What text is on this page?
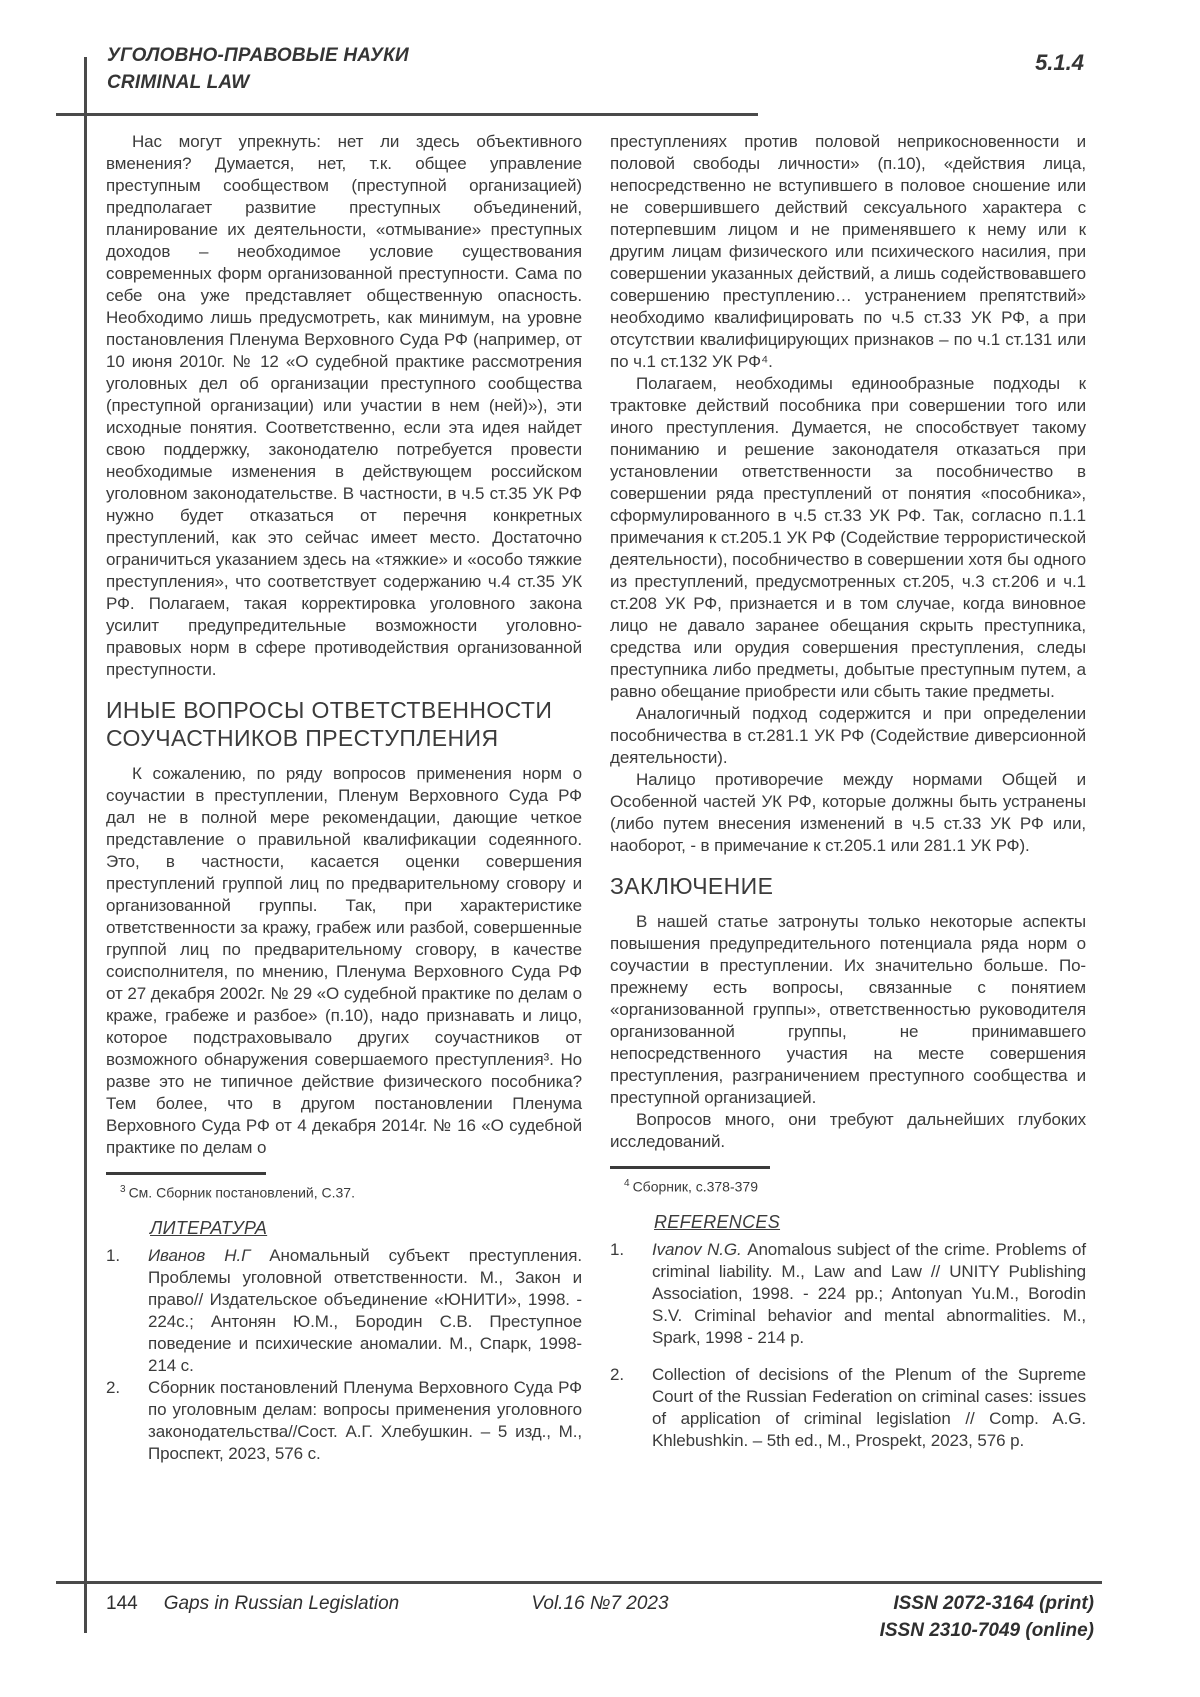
УГОЛОВНО-ПРАВОВЫЕ НАУКИ
CRIMINAL LAW
5.1.4

Нас могут упрекнуть: нет ли здесь объективного вменения? Думается, нет, т.к. общее управление преступным сообществом (преступной организацией) предполагает развитие преступных объединений, планирование их деятельности, «отмывание» преступных доходов – необходимое условие существования современных форм организованной преступности. Сама по себе она уже представляет общественную опасность. Необходимо лишь предусмотреть, как минимум, на уровне постановления Пленума Верховного Суда РФ (например, от 10 июня 2010г. № 12 «О судебной практике рассмотрения уголовных дел об организации преступного сообщества (преступной организации) или участии в нем (ней)»), эти исходные понятия. Соответственно, если эта идея найдет свою поддержку, законодателю потребуется провести необходимые изменения в действующем российском уголовном законодательстве. В частности, в ч.5 ст.35 УК РФ нужно будет отказаться от перечня конкретных преступлений, как это сейчас имеет место. Достаточно ограничиться указанием здесь на «тяжкие» и «особо тяжкие преступления», что соответствует содержанию ч.4 ст.35 УК РФ. Полагаем, такая корректировка уголовного закона усилит предупредительные возможности уголовно-правовых норм в сфере противодействия организованной преступности.

ИНЫЕ ВОПРОСЫ ОТВЕТСТВЕННОСТИ СОУЧАСТНИКОВ ПРЕСТУПЛЕНИЯ

К сожалению, по ряду вопросов применения норм о соучастии в преступлении, Пленум Верховного Суда РФ дал не в полной мере рекомендации, дающие четкое представление о правильной квалификации содеянного. Это, в частности, касается оценки совершения преступлений группой лиц по предварительному сговору и организованной группы. Так, при характеристике ответственности за кражу, грабеж или разбой, совершенные группой лиц по предварительному сговору, в качестве соисполнителя, по мнению, Пленума Верховного Суда РФ от 27 декабря 2002г. № 29 «О судебной практике по делам о краже, грабеже и разбое» (п.10), надо признавать и лицо, которое подстраховывало других соучастников от возможного обнаружения совершаемого преступления³. Но разве это не типичное действие физического пособника? Тем более, что в другом постановлении Пленума Верховного Суда РФ от 4 декабря 2014г. № 16 «О судебной практике по делам о

$^3$ См. Сборник постановлений, С.37.
ЛИТЕРАТУРА
1.	Иванов Н.Г Аномальный субъект преступления. Проблемы уголовной ответственности. М., Закон и право// Издательское объединение «ЮНИТИ», 1998. - 224с.; Антонян Ю.М., Бородин С.В. Преступное поведение и психические аномалии. М., Спарк, 1998- 214 с.
2.	Сборник постановлений Пленума Верховного Суда РФ по уголовным делам: вопросы применения уголовного законодательства//Сост. А.Г. Хлебушкин. – 5 изд., М., Проспект, 2023, 576 с.

преступлениях против половой неприкосновенности и половой свободы личности» (п.10), «действия лица, непосредственно не вступившего в половое сношение или не совершившего действий сексуального характера с потерпевшим лицом и не применявшего к нему или к другим лицам физического или психического насилия, при совершении указанных действий, а лишь содействовавшего совершению преступлению… устранением препятствий» необходимо квалифицировать по ч.5 ст.33 УК РФ, а при отсутствии квалифицирующих признаков – по ч.1 ст.131 или по ч.1 ст.132 УК РФ⁴.

Полагаем, необходимы единообразные подходы к трактовке действий пособника при совершении того или иного преступления. Думается, не способствует такому пониманию и решение законодателя отказаться при установлении ответственности за пособничество в совершении ряда преступлений от понятия «пособника», сформулированного в ч.5 ст.33 УК РФ. Так, согласно п.1.1 примечания к ст.205.1 УК РФ (Содействие террористической деятельности), пособничество в совершении хотя бы одного из преступлений, предусмотренных ст.205, ч.3 ст.206 и ч.1 ст.208 УК РФ, признается и в том случае, когда виновное лицо не давало заранее обещания скрыть преступника, средства или орудия совершения преступления, следы преступника либо предметы, добытые преступным путем, а равно обещание приобрести или сбыть такие предметы.

Аналогичный подход содержится и при определении пособничества в ст.281.1 УК РФ (Содействие диверсионной деятельности).

Налицо противоречие между нормами Общей и Особенной частей УК РФ, которые должны быть устранены (либо путем внесения изменений в ч.5 ст.33 УК РФ или, наоборот, - в примечание к ст.205.1 или 281.1 УК РФ).

ЗАКЛЮЧЕНИЕ

В нашей статье затронуты только некоторые аспекты повышения предупредительного потенциала ряда норм о соучастии в преступлении. Их значительно больше. По-прежнему есть вопросы, связанные с понятием «организованной группы», ответственностью руководителя организованной группы, не принимавшего непосредственного участия на месте совершения преступления, разграничением преступного сообщества и преступной организацией.

Вопросов много, они требуют дальнейших глубоких исследований.

$^4$ Сборник, с.378-379
REFERENCES
1.	Ivanov N.G. Anomalous subject of the crime. Problems of criminal liability. M., Law and Law // UNITY Publishing Association, 1998. - 224 pp.; Antonyan Yu.M., Borodin S.V. Criminal behavior and mental abnormalities. M., Spark, 1998 - 214 p.
2.	Collection of decisions of the Plenum of the Supreme Court of the Russian Federation on criminal cases: issues of application of criminal legislation // Comp. A.G. Khlebushkin. – 5th ed., M., Prospekt, 2023, 576 p.
144 Gaps in Russian Legislation	Vol.16 №7 2023	ISSN 2072-3164 (print)
ISSN 2310-7049 (online)
